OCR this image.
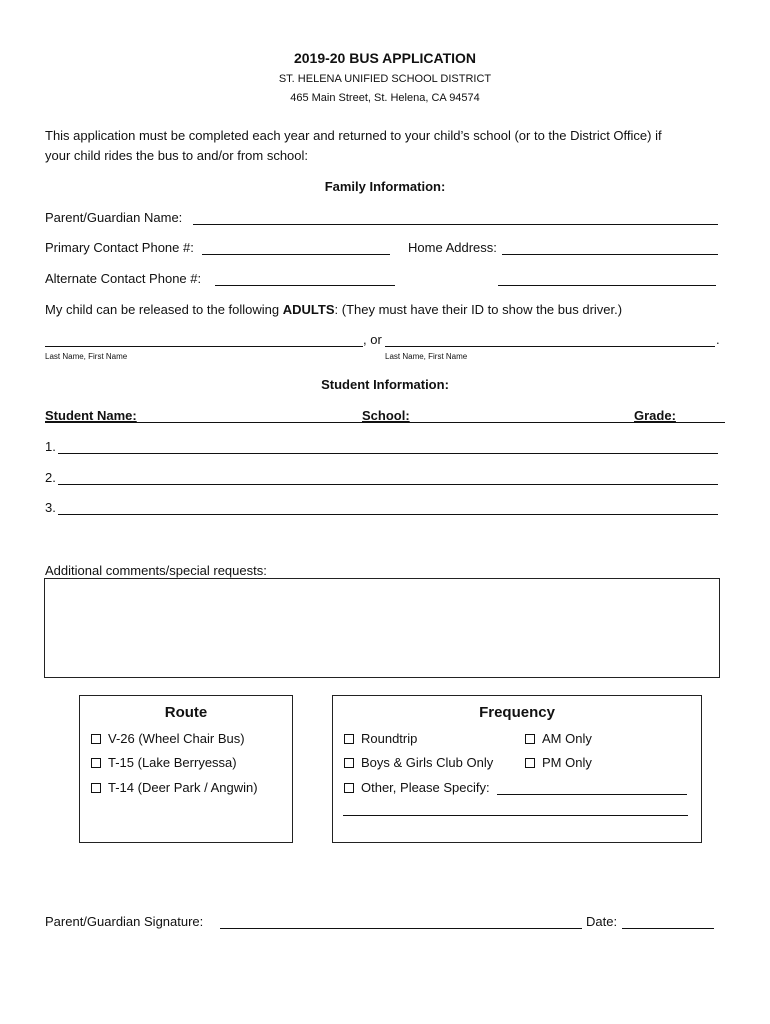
2019-20 BUS APPLICATION
ST. HELENA UNIFIED SCHOOL DISTRICT
465 Main Street, St. Helena, CA 94574
This application must be completed each year and returned to your child’s school (or to the District Office) if
your child rides the bus to and/or from school:
Family Information:
Parent/Guardian Name:
Primary Contact Phone #:	Home Address:
Alternate Contact Phone #:
My child can be released to the following ADULTS: (They must have their ID to show the bus driver.)
, or	.
Last Name, First Name	Last Name, First Name
Student Information:
Student Name:	School:	Grade:
1.
2.
3.
Additional comments/special requests:
Route
V-26 (Wheel Chair Bus)
T-15 (Lake Berryessa)
T-14 (Deer Park / Angwin)
Frequency
Roundtrip	AM Only
Boys & Girls Club Only	PM Only
Other, Please Specify:
Parent/Guardian Signature:	Date:
